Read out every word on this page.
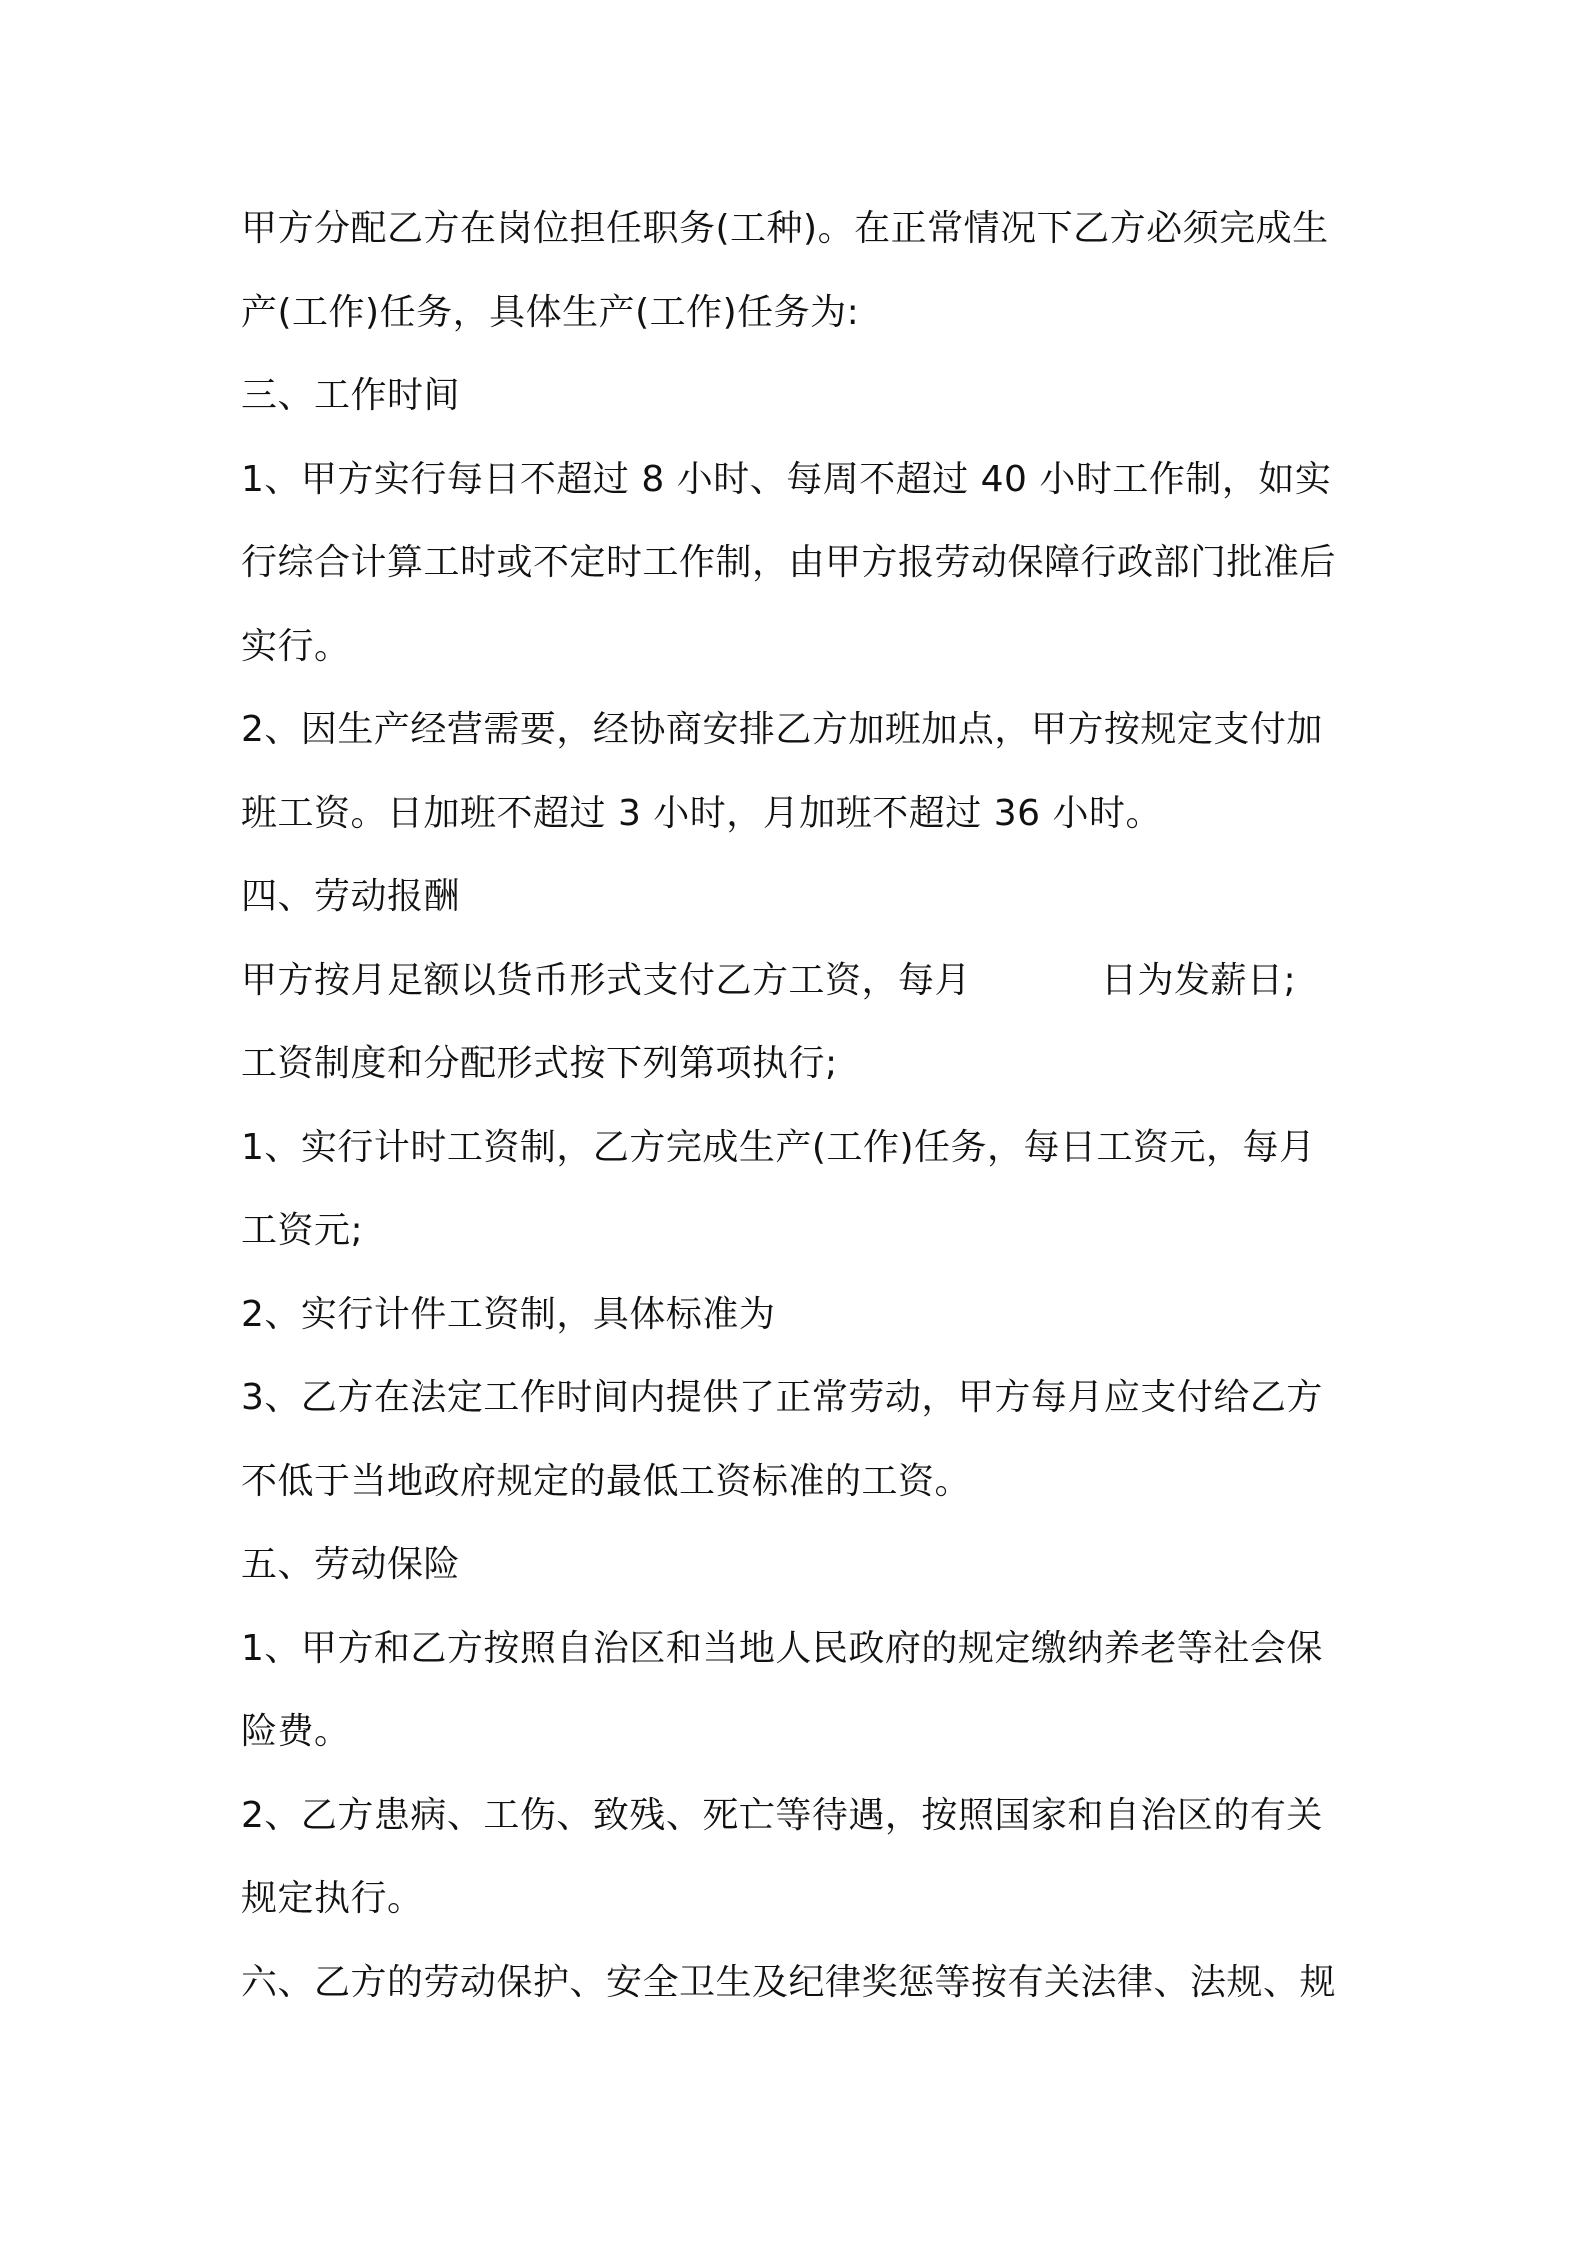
甲方分配乙方在岗位担任职务(工种)。在正常情况下乙方必须完成生
产(工作)任务，具体生产(工作)任务为:
三、工作时间
1、甲方实行每日不超过 8 小时、每周不超过 40 小时工作制，如实
行综合计算工时或不定时工作制，由甲方报劳动保障行政部门批准后
实行。
2、因生产经营需要，经协商安排乙方加班加点，甲方按规定支付加
班工资。日加班不超过 3 小时，月加班不超过 36 小时。
四、劳动报酬
甲方按月足额以货币形式支付乙方工资，每月	日为发薪日;
工资制度和分配形式按下列第项执行;
1、实行计时工资制，乙方完成生产(工作)任务，每日工资元，每月
工资元;
2、实行计件工资制，具体标准为
3、乙方在法定工作时间内提供了正常劳动，甲方每月应支付给乙方
不低于当地政府规定的最低工资标准的工资。
五、劳动保险
1、甲方和乙方按照自治区和当地人民政府的规定缴纳养老等社会保
险费。
2、乙方患病、工伤、致残、死亡等待遇，按照国家和自治区的有关
规定执行。
六、乙方的劳动保护、安全卫生及纪律奖惩等按有关法律、法规、规
